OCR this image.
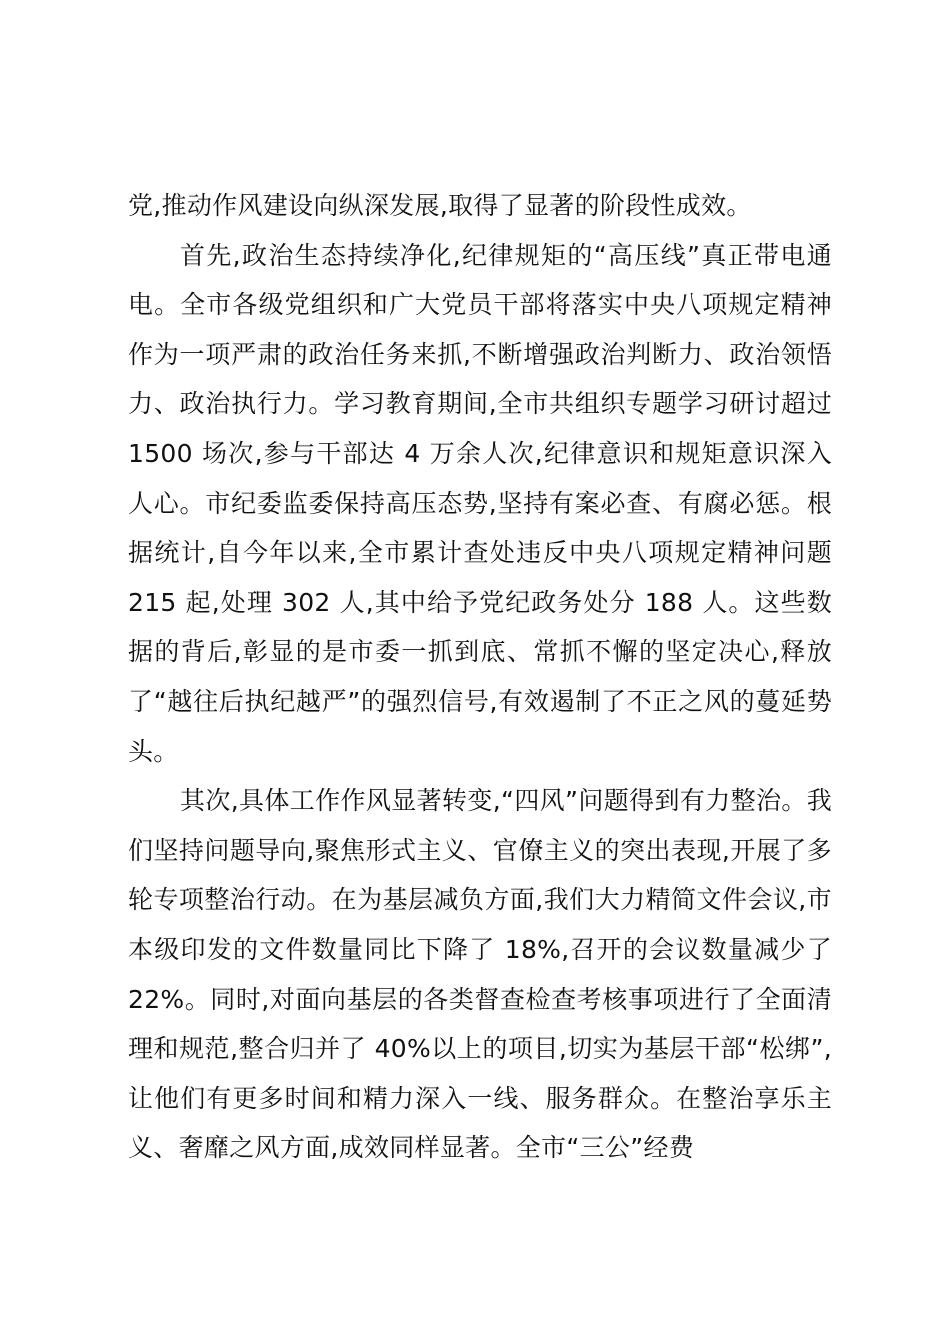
党,推动作风建设向纵深发展,取得了显著的阶段性成效。

首先,政治生态持续净化,纪律规矩的“高压线”真正带电通电。全市各级党组织和广大党员干部将落实中央八项规定精神作为一项严肃的政治任务来抓,不断增强政治判断力、政治领悟力、政治执行力。学习教育期间,全市共组织专题学习研讨超过 1500 场次,参与干部达 4 万余人次,纪律意识和规矩意识深入人心。市纪委监委保持高压态势,坚持有案必查、有腐必惩。根据统计,自今年以来,全市累计查处违反中央八项规定精神问题 215 起,处理 302 人,其中给予党纪政务处分 188 人。这些数据的背后,彰显的是市委一抓到底、常抓不懈的坚定决心,释放了“越往后执纪越严”的强烈信号,有效遏制了不正之风的蔓延势头。

其次,具体工作作风显著转变,“四风”问题得到有力整治。我们坚持问题导向,聚焦形式主义、官僚主义的突出表现,开展了多轮专项整治行动。在为基层减负方面,我们大力精简文件会议,市本级印发的文件数量同比下降了 18%,召开的会议数量减少了 22%。同时,对面向基层的各类督查检查考核事项进行了全面清理和规范,整合归并了 40%以上的项目,切实为基层干部“松绑”,让他们有更多时间和精力深入一线、服务群众。在整治享乐主义、奢靡之风方面,成效同样显著。全市“三公”经费
